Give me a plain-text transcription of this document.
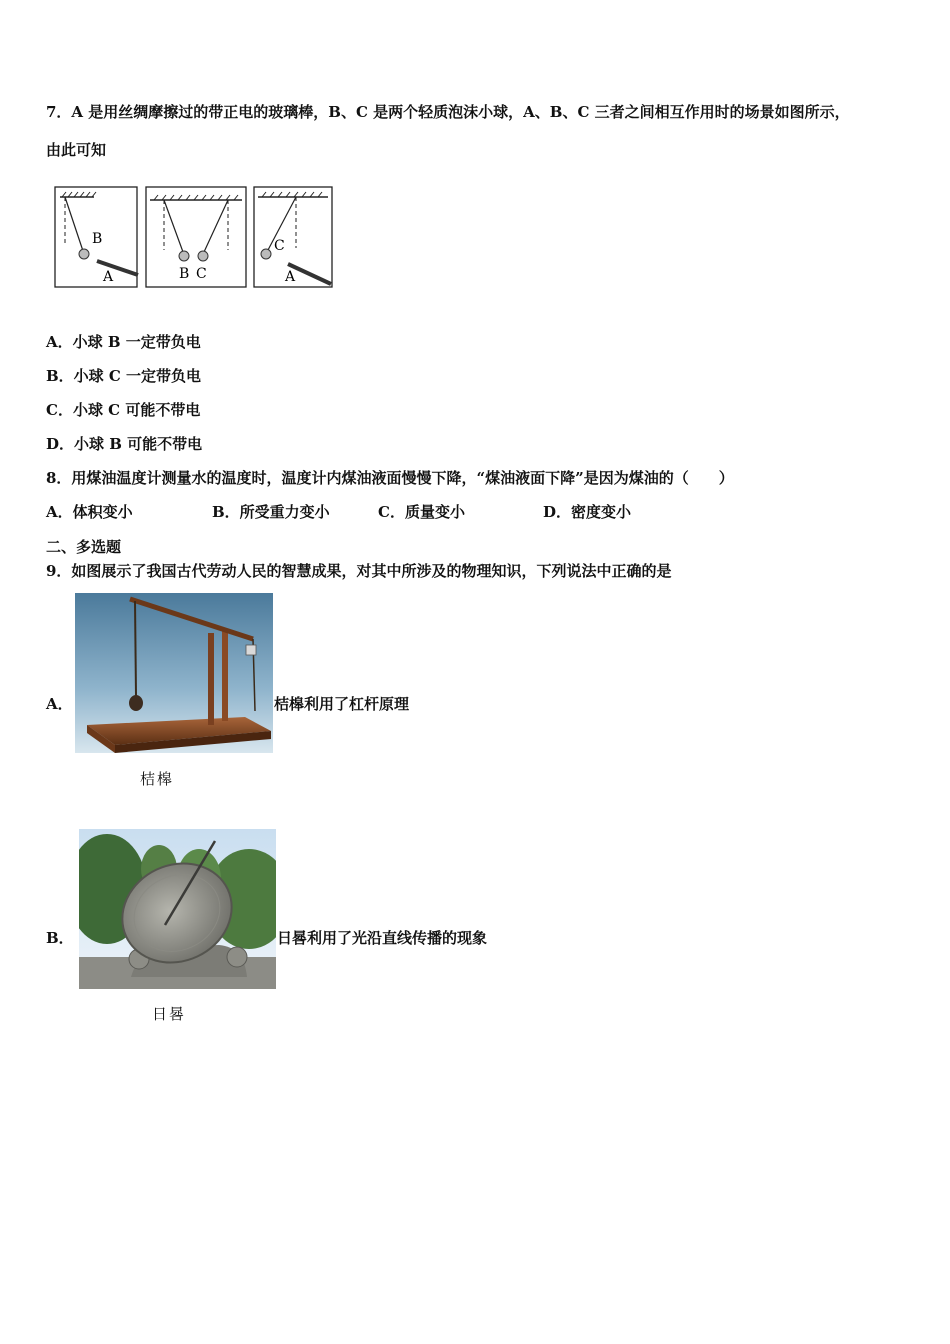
7．A 是用丝绸摩擦过的带正电的玻璃棒，B、C 是两个轻质泡沫小球，A、B、C 三者之间相互作用时的场景如图所示，
由此可知
B
A	B C
C
A
A．小球 B 一定带负电
B．小球 C 一定带负电
C．小球 C 可能不带电
D．小球 B 可能不带电
8．用煤油温度计测量水的温度时，温度计内煤油液面慢慢下降，“煤油液面下降”是因为煤油的（　　）
A．体积变小	B．所受重力变小	C．质量变小	D．密度变小
二、多选题
9．如图展示了我国古代劳动人民的智慧成果，对其中所涉及的物理知识，下列说法中正确的是
A．
桔槔
桔槔利用了杠杆原理
B．
日晷
日晷利用了光沿直线传播的现象
